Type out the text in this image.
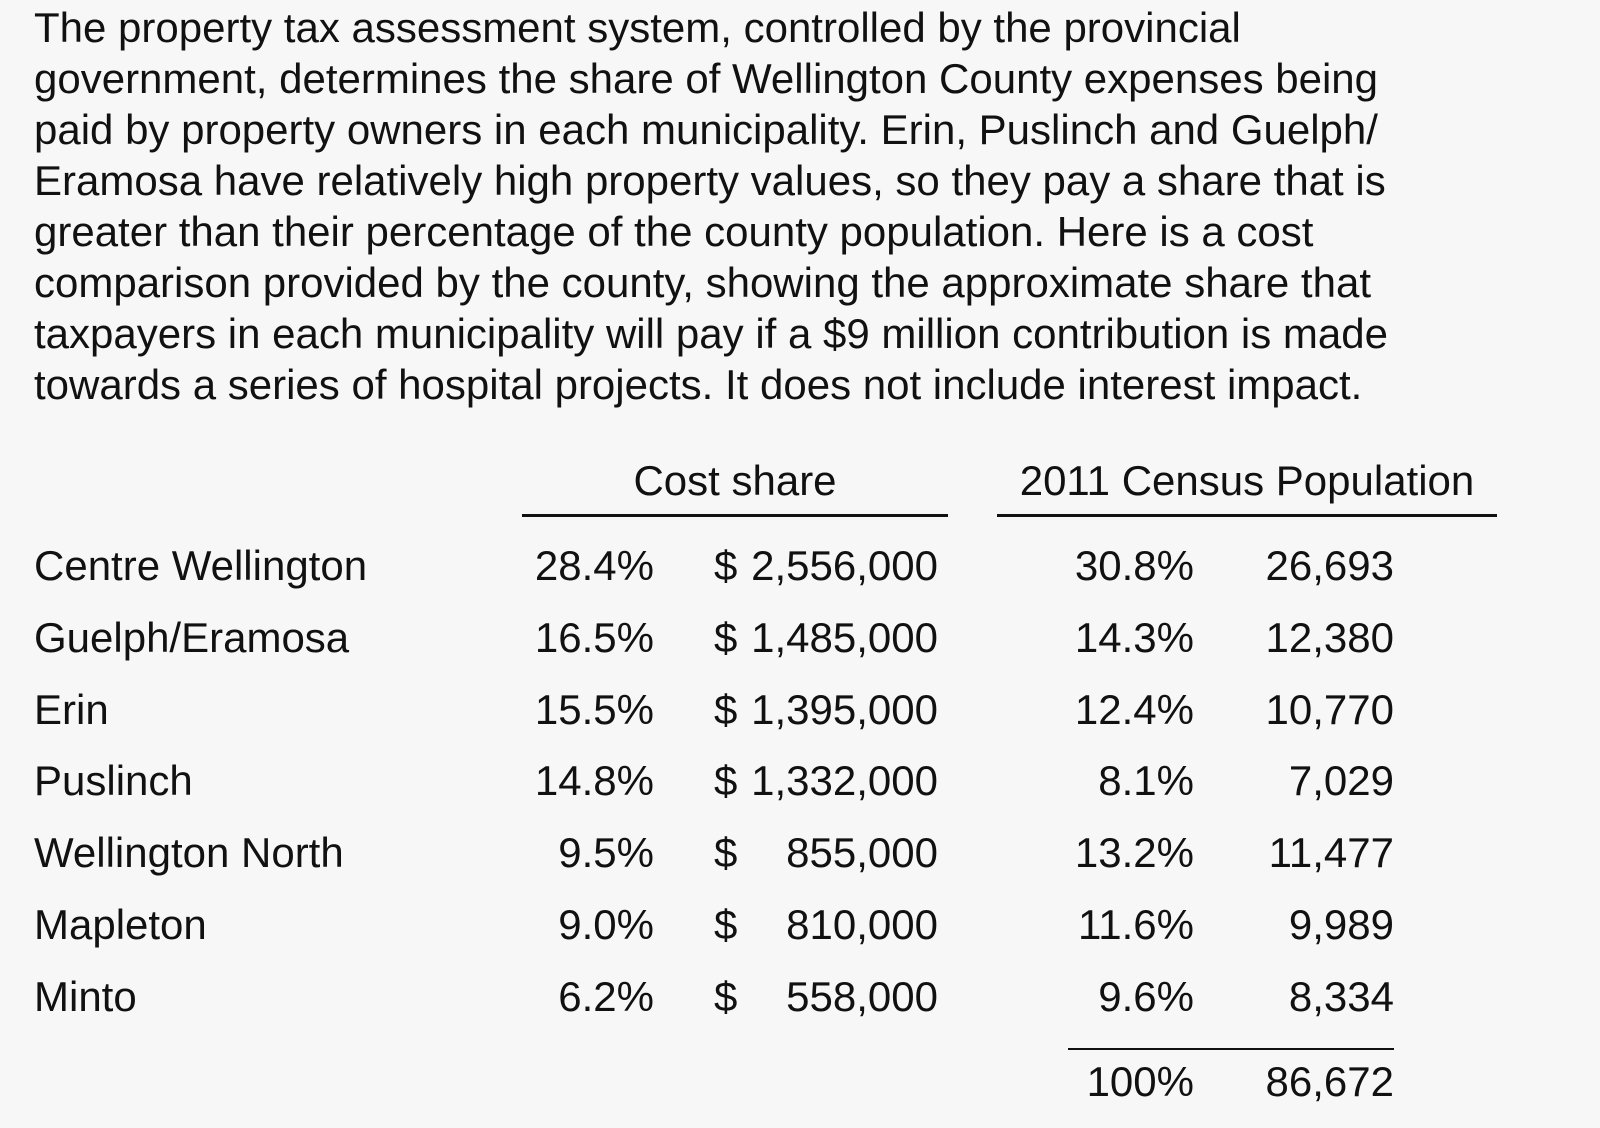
The property tax assessment system, controlled by the provincial
government, determines the share of Wellington County expenses being
paid by property owners in each municipality. Erin, Puslinch and Guelph/
Eramosa have relatively high property values, so they pay a share that is
greater than their percentage of the county population. Here is a cost
comparison provided by the county, showing the approximate share that
taxpayers in each municipality will pay if a $9 million contribution is made
towards a series of hospital projects. It does not include interest impact.
Cost share	2011 Census Population
Centre Wellington	28.4% $ 2,556,000	30.8% 26,693
Guelph/Eramosa	16.5% $ 1,485,000	14.3% 12,380
Erin	15.5% $ 1,395,000	12.4% 10,770
Puslinch	14.8% $ 1,332,000	8.1% 7,029
Wellington North	9.5% $ 855,000	13.2% 11,477
Mapleton	9.0% $ 810,000	11.6% 9,989
Minto	6.2% $ 558,000	9.6% 8,334
100% 86,672
